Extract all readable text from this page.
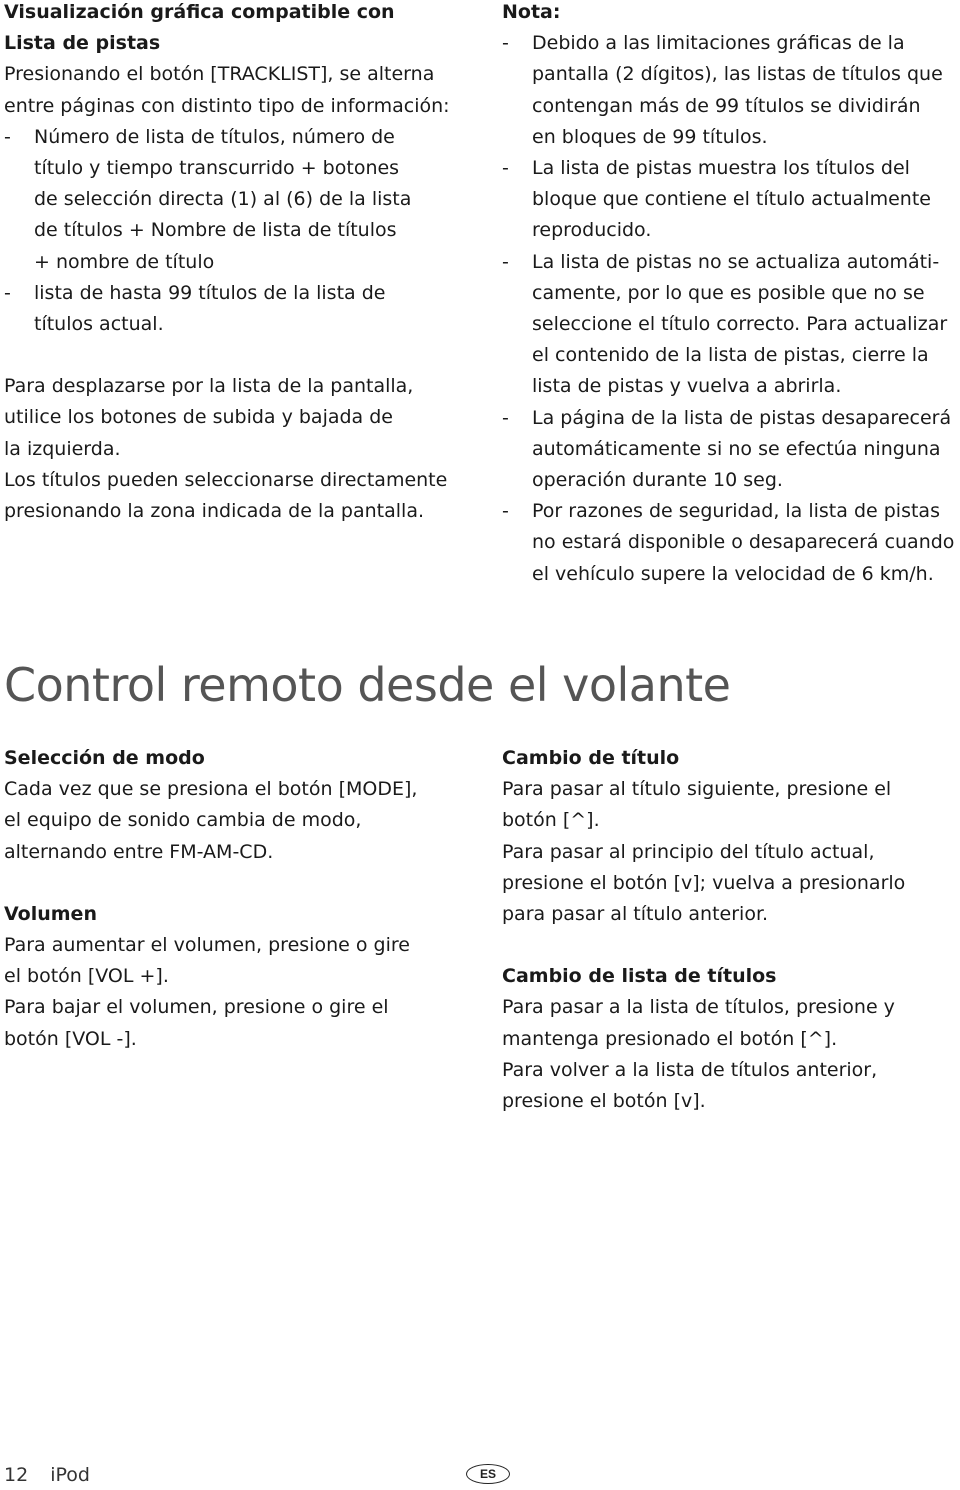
Visualización gráfica compatible con
Lista de pistas
Presionando el botón [TRACKLIST], se alterna
entre páginas con distinto tipo de información:
-	Número de lista de títulos, número de
título y tiempo transcurrido + botones
de selección directa (1) al (6) de la lista
de títulos + Nombre de lista de títulos
+ nombre de título
-	lista de hasta 99 títulos de la lista de
títulos actual.
Para desplazarse por la lista de la pantalla,
utilice los botones de subida y bajada de
la izquierda.
Los títulos pueden seleccionarse directamente
presionando la zona indicada de la pantalla.
Nota:
-	Debido a las limitaciones gráficas de la
pantalla (2 dígitos), las listas de títulos que
contengan más de 99 títulos se dividirán
en bloques de 99 títulos.
-	La lista de pistas muestra los títulos del
bloque que contiene el título actualmente
reproducido.
-	La lista de pistas no se actualiza automáti-
camente, por lo que es posible que no se
seleccione el título correcto. Para actualizar
el contenido de la lista de pistas, cierre la
lista de pistas y vuelva a abrirla.
-	La página de la lista de pistas desaparecerá
automáticamente si no se efectúa ninguna
operación durante 10 seg.
-	Por razones de seguridad, la lista de pistas
no estará disponible o desaparecerá cuando
el vehículo supere la velocidad de 6 km/h.
Control remoto desde el volante
Selección de modo
Cada vez que se presiona el botón [MODE],
el equipo de sonido cambia de modo,
alternando entre FM-AM-CD.
Volumen
Para aumentar el volumen, presione o gire
el botón [VOL +].
Para bajar el volumen, presione o gire el
botón [VOL -].
Cambio de título
Para pasar al título siguiente, presione el
botón [^].
Para pasar al principio del título actual,
presione el botón [v]; vuelva a presionarlo
para pasar al título anterior.
Cambio de lista de títulos
Para pasar a la lista de títulos, presione y
mantenga presionado el botón [^].
Para volver a la lista de títulos anterior,
presione el botón [v].
12 iPod	ES
